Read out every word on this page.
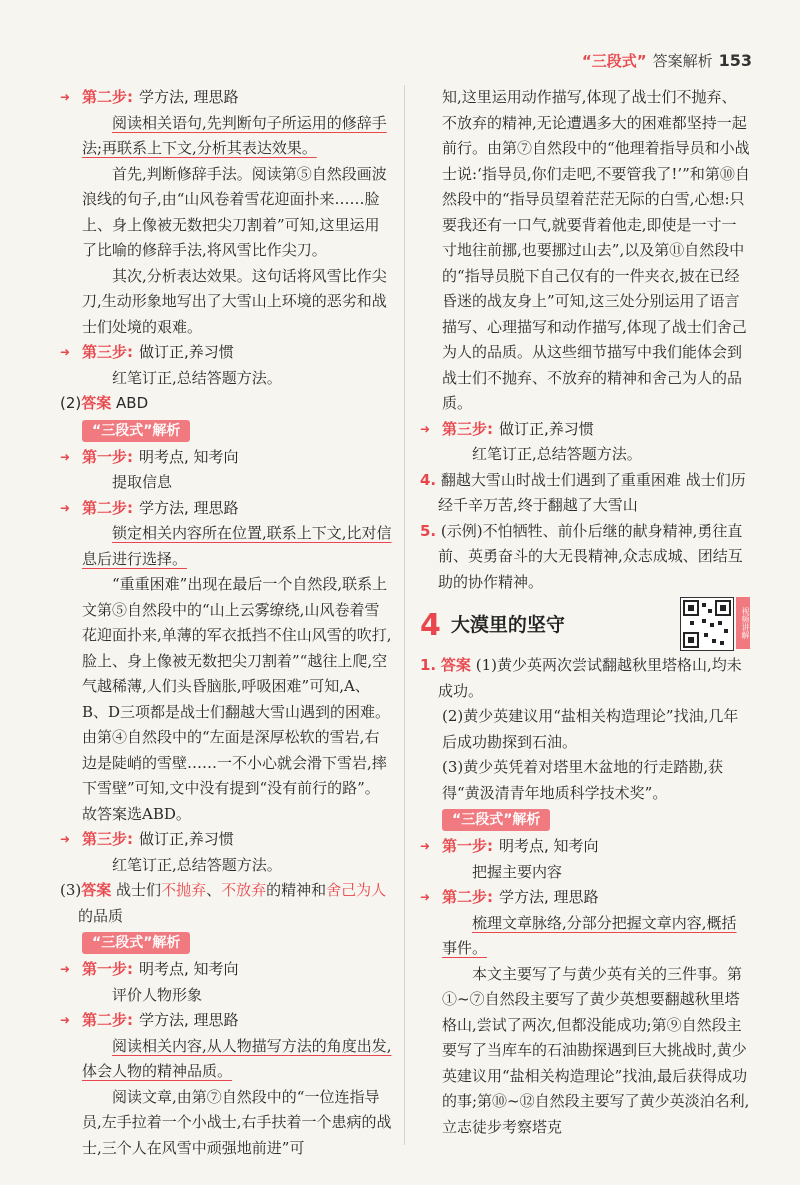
“三段式” 答案解析 153
➜ 第二步: 学方法, 理思路

阅读相关语句,先判断句子所运用的修辞手法;再联系上下文,分析其表达效果。

首先,判断修辞手法。阅读第⑤自然段画波浪线的句子,由“山风卷着雪花迎面扑来……脸上、身上像被无数把尖刀割着”可知,这里运用了比喻的修辞手法,将风雪比作尖刀。

其次,分析表达效果。这句话将风雪比作尖刀,生动形象地写出了大雪山上环境的恶劣和战士们处境的艰难。

➜ 第三步: 做订正,养习惯

红笔订正,总结答题方法。

(2)答案 ABD

“三段式”解析
➜ 第一步: 明考点, 知考向

提取信息

➜ 第二步: 学方法, 理思路

锁定相关内容所在位置,联系上下文,比对信息后进行选择。

“重重困难”出现在最后一个自然段,联系上文第⑤自然段中的“山上云雾缭绕,山风卷着雪花迎面扑来,单薄的军衣抵挡不住山风雪的吹打,脸上、身上像被无数把尖刀割着”“越往上爬,空气越稀薄,人们头昏脑胀,呼吸困难”可知,A、B、D三项都是战士们翻越大雪山遇到的困难。由第④自然段中的“左面是深厚松软的雪岩,右边是陡峭的雪壁……一不小心就会滑下雪岩,摔下雪壁”可知,文中没有提到“没有前行的路”。故答案选ABD。

➜ 第三步: 做订正,养习惯

红笔订正,总结答题方法。

(3)答案 战士们不抛弃、不放弃的精神和舍己为人的品质

“三段式”解析
➜ 第一步: 明考点, 知考向

评价人物形象

➜ 第二步: 学方法, 理思路

阅读相关内容,从人物描写方法的角度出发,体会人物的精神品质。

阅读文章,由第⑦自然段中的“一位连指导员,左手拉着一个小战士,右手扶着一个患病的战士,三个人在风雪中顽强地前进”可

知,这里运用动作描写,体现了战士们不抛弃、不放弃的精神,无论遭遇多大的困难都坚持一起前行。由第⑦自然段中的“他理着指导员和小战士说:‘指导员,你们走吧,不要管我了!’”和第⑩自然段中的“指导员望着茫茫无际的白雪,心想:只要我还有一口气,就要背着他走,即使是一寸一寸地往前挪,也要挪过山去”,以及第⑪自然段中的“指导员脱下自己仅有的一件夹衣,披在已经昏迷的战友身上”可知,这三处分别运用了语言描写、心理描写和动作描写,体现了战士们舍己为人的品质。从这些细节描写中我们能体会到战士们不抛弃、不放弃的精神和舍己为人的品质。

➜ 第三步: 做订正,养习惯

红笔订正,总结答题方法。

4. 翻越大雪山时战士们遇到了重重困难 战士们历经千辛万苦,终于翻越了大雪山

5. (示例)不怕牺牲、前仆后继的献身精神,勇往直前、英勇奋斗的大无畏精神,众志成城、团结互助的协作精神。

4 大漠里的坚守	视频讲解

1. 答案 (1)黄少英两次尝试翻越秋里塔格山,均未成功。

(2)黄少英建议用“盐相关构造理论”找油,几年后成功勘探到石油。

(3)黄少英凭着对塔里木盆地的行走踏勘,获得“黄汲清青年地质科学技术奖”。

“三段式”解析
➜ 第一步: 明考点, 知考向

把握主要内容

➜ 第二步: 学方法, 理思路

梳理文章脉络,分部分把握文章内容,概括事件。

本文主要写了与黄少英有关的三件事。第①~⑦自然段主要写了黄少英想要翻越秋里塔格山,尝试了两次,但都没能成功;第⑨自然段主要写了当库车的石油勘探遇到巨大挑战时,黄少英建议用“盐相关构造理论”找油,最后获得成功的事;第⑩~⑫自然段主要写了黄少英淡泊名利,立志徒步考察塔克
